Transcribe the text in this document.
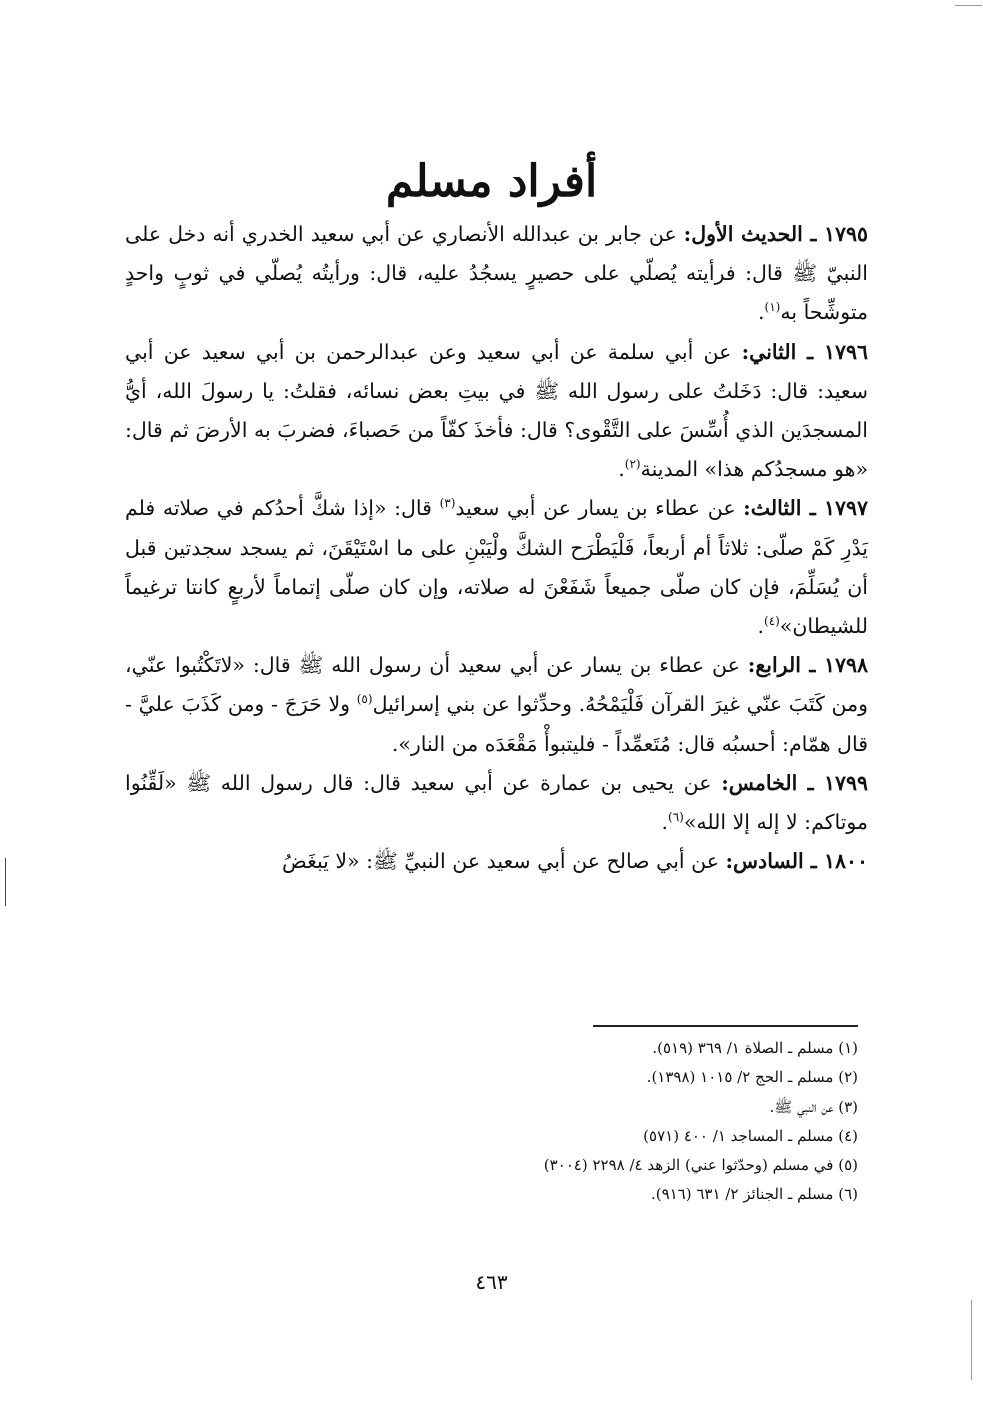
أفراد مسلم

١٧٩٥ ـ الحديث الأول: عن جابر بن عبدالله الأنصاري عن أبي سعيد الخدري أنه دخل على النبيّ ﷺ قال: فرأيته يُصلّي على حصيرٍ يسجُدُ عليه، قال: ورأيتُه يُصلّي في ثوبٍ واحدٍ متوشِّحاً به$^{(١)}$.

١٧٩٦ ـ الثاني: عن أبي سلمة عن أبي سعيد وعن عبدالرحمن بن أبي سعيد عن أبي سعيد: قال: دَخَلتُ على رسول الله ﷺ في بيتِ بعض نسائه، فقلتُ: يا رسولَ الله، أيُّ المسجدَين الذي أُسِّسَ على التَّقْوى؟ قال: فأخذَ كفّاً من حَصباءَ، فضربَ به الأرضَ ثم قال: «هو مسجدُكم هذا» المدينة$^{(٢)}$.

١٧٩٧ ـ الثالث: عن عطاء بن يسار عن أبي سعيد$^{(٣)}$ قال: «إذا شكَّ أحدُكم في صلاته فلم يَدْرِ كَمْ صلّى: ثلاثاً أم أربعاً، فَلْيَطْرَح الشكَّ ولْيَبْنِ على ما اسْتَيْقَنَ، ثم يسجد سجدتين قبل أن يُسَلِّمَ، فإن كان صلّى جميعاً شَفَعْنَ له صلاته، وإن كان صلّى إتماماً لأربعٍ كانتا ترغيماً للشيطان»$^{(٤)}$.

١٧٩٨ ـ الرابع: عن عطاء بن يسار عن أبي سعيد أن رسول الله ﷺ قال: «لاتَكْتُبوا عنّي، ومن كَتَبَ عنّي غيرَ القرآن فَلْيَمْحُهُ. وحدِّثوا عن بني إسرائيل$^{(٥)}$ ولا حَرَجَ - ومن كَذَبَ عليَّ - قال همّام: أحسبُه قال: مُتَعمِّداً - فليتبوأْ مَقْعَدَه من النار».

١٧٩٩ ـ الخامس: عن يحيى بن عمارة عن أبي سعيد قال: قال رسول الله ﷺ «لَقِّنُوا موتاكم: لا إله إلا الله»$^{(٦)}$.

١٨٠٠ ـ السادس: عن أبي صالح عن أبي سعيد عن النبيِّ ﷺ: «لا يَبغَضُ

(١) مسلم ـ الصلاة ١/ ٣٦٩ (٥١٩).
(٢) مسلم ـ الحج ٢/ ١٠١٥ (١٣٩٨).
(٣) عن النبي ﷺ.
(٤) مسلم ـ المساجد ١/ ٤٠٠ (٥٧١)
(٥) في مسلم (وحدّثوا عني) الزهد ٤/ ٢٢٩٨ (٣٠٠٤)
(٦) مسلم ـ الجنائز ٢/ ٦٣١ (٩١٦).
٤٦٣
